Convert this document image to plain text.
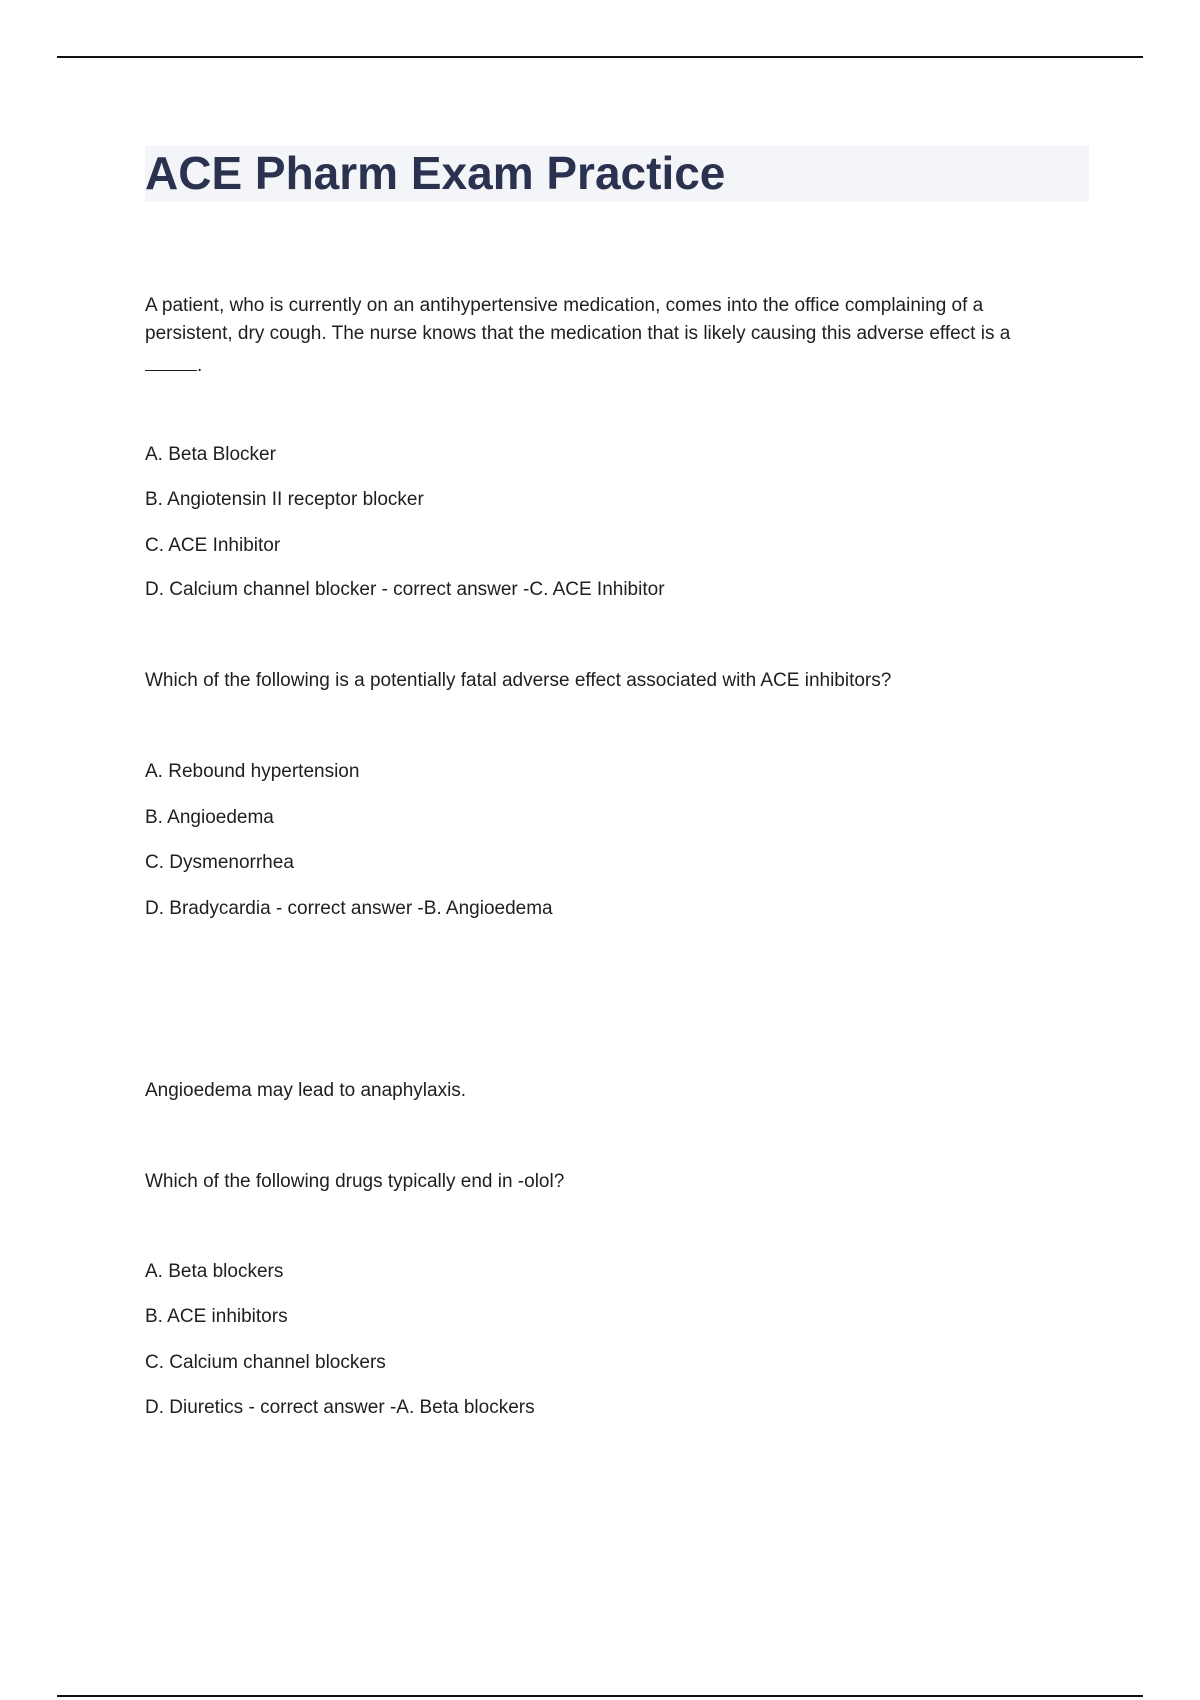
ACE Pharm Exam Practice

A patient, who is currently on an antihypertensive medication, comes into the office complaining of a

persistent, dry cough. The nurse knows that the medication that is likely causing this adverse effect is a

.

A. Beta Blocker

B. Angiotensin II receptor blocker

C. ACE Inhibitor

D. Calcium channel blocker - correct answer -C. ACE Inhibitor

Which of the following is a potentially fatal adverse effect associated with ACE inhibitors?

A. Rebound hypertension

B. Angioedema

C. Dysmenorrhea

D. Bradycardia - correct answer -B. Angioedema

Angioedema may lead to anaphylaxis.

Which of the following drugs typically end in -olol?

A. Beta blockers

B. ACE inhibitors

C. Calcium channel blockers

D. Diuretics - correct answer -A. Beta blockers
